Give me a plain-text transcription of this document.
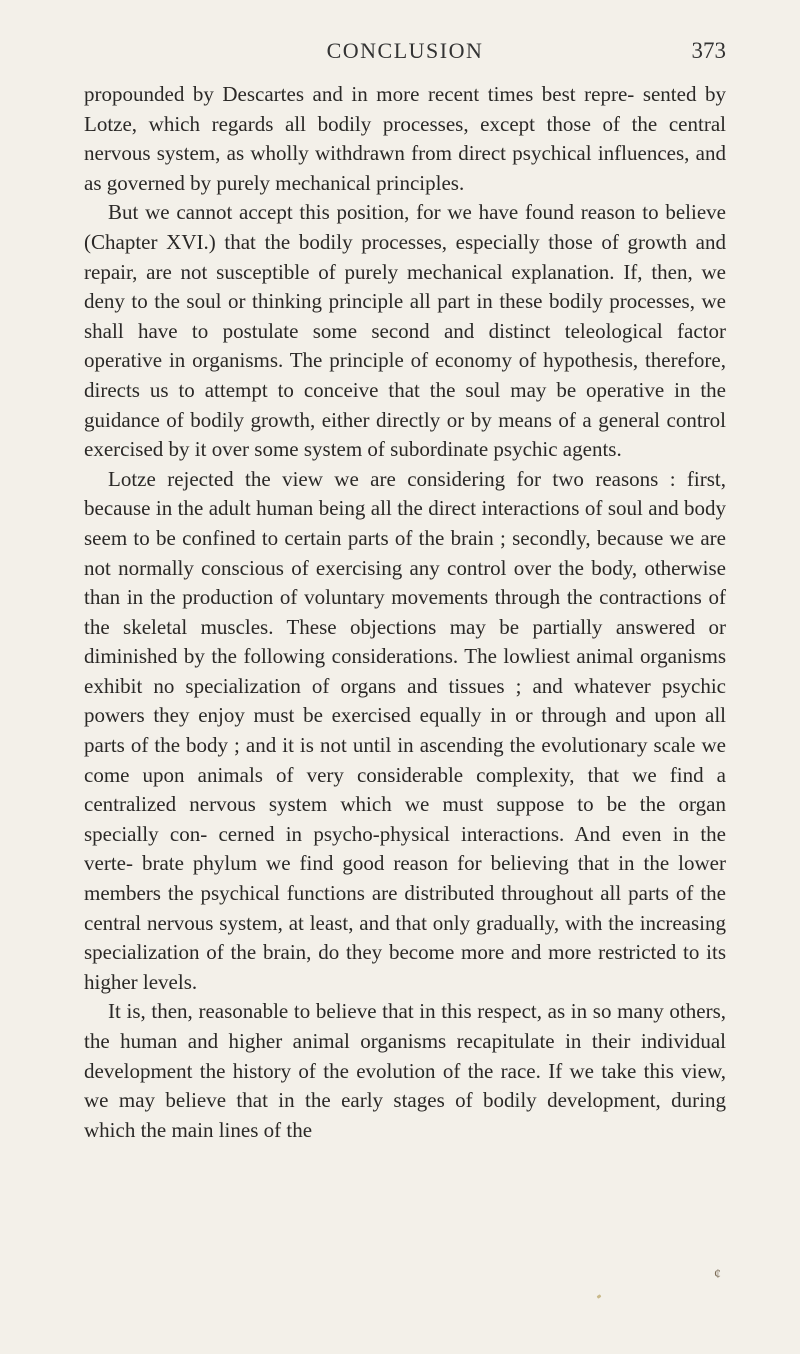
CONCLUSION	373

propounded by Descartes and in more recent times best repre- sented by Lotze, which regards all bodily processes, except those of the central nervous system, as wholly withdrawn from direct psychical influences, and as governed by purely mechanical principles.

But we cannot accept this position, for we have found reason to believe (Chapter XVI.) that the bodily processes, especially those of growth and repair, are not susceptible of purely mechanical explanation. If, then, we deny to the soul or thinking principle all part in these bodily processes, we shall have to postulate some second and distinct teleological factor operative in organisms. The principle of economy of hypothesis, therefore, directs us to attempt to conceive that the soul may be operative in the guidance of bodily growth, either directly or by means of a general control exercised by it over some system of subordinate psychic agents.

Lotze rejected the view we are considering for two reasons : first, because in the adult human being all the direct interactions of soul and body seem to be confined to certain parts of the brain ; secondly, because we are not normally conscious of exercising any control over the body, otherwise than in the production of voluntary movements through the contractions of the skeletal muscles. These objections may be partially answered or diminished by the following considerations. The lowliest animal organisms exhibit no specialization of organs and tissues ; and whatever psychic powers they enjoy must be exercised equally in or through and upon all parts of the body ; and it is not until in ascending the evolutionary scale we come upon animals of very considerable complexity, that we find a centralized nervous system which we must suppose to be the organ specially con- cerned in psycho-physical interactions. And even in the verte- brate phylum we find good reason for believing that in the lower members the psychical functions are distributed throughout all parts of the central nervous system, at least, and that only gradually, with the increasing specialization of the brain, do they become more and more restricted to its higher levels.

It is, then, reasonable to believe that in this respect, as in so many others, the human and higher animal organisms recapitulate in their individual development the history of the evolution of the race. If we take this view, we may believe that in the early stages of bodily development, during which the main lines of the

¢
